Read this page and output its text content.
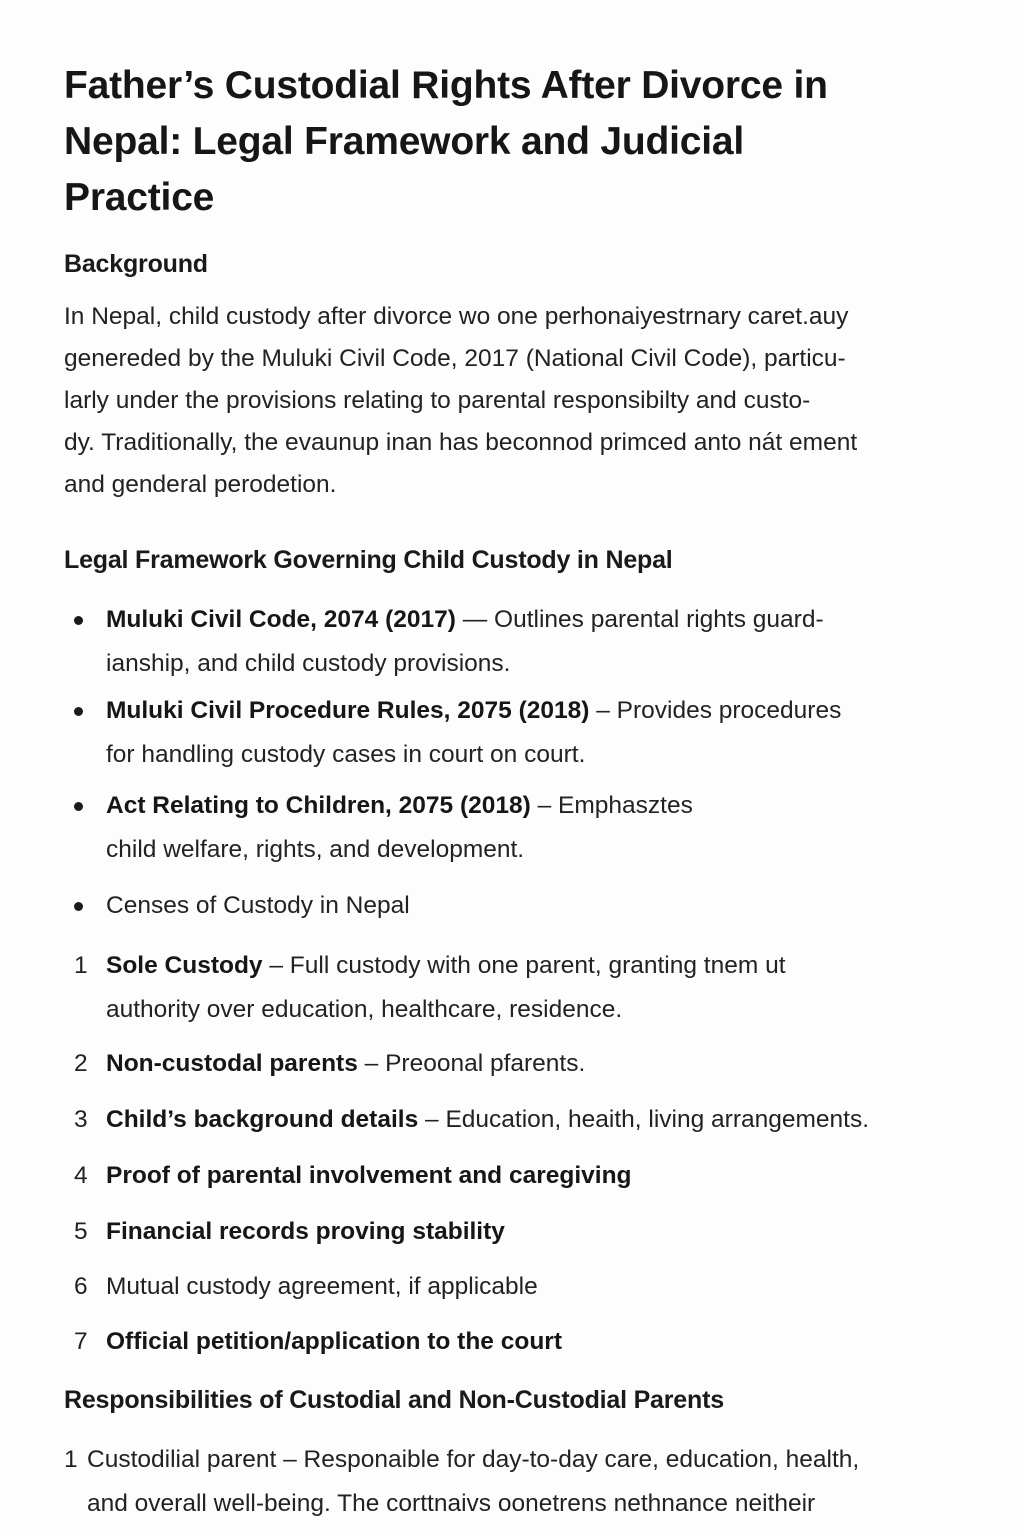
Father’s Custodial Rights After Divorce in Nepal: Legal Framework and Judicial Practice
Background

In Nepal, child custody after divorce wo one perhonaiyestrnary caret.auy
genereded by the Muluki Civil Code, 2017 (National Civil Code), particu-
larly under the provisions relating to parental responsibilty and custo-
dy. Traditionally, the evaunup inan has beconnod primced anto nát ement
and genderal perodetion.

Legal Framework Governing Child Custody in Nepal
Muluki Civil Code, 2074 (2017) — Outlines parental rights guard-
ianship, and child custody provisions.
Muluki Civil Procedure Rules, 2075 (2018) – Provides procedures
for handling custody cases in court on court.
Act Relating to Children, 2075 (2018) – Emphasztes
child welfare, rights, and development.
Censes of Custody in Nepal
1 Sole Custody – Full custody with one parent, granting tnem ut
authority over education, healthcare, residence.
2 Non-custodal parents – Preoonal pfarents.
3 Child’s background details – Education, heaith, living arrangements.
4 Proof of parental involvement and caregiving
5 Financial records proving stability
6 Mutual custody agreement, if applicable
7 Official petition/application to the court
Responsibilities of Custodial and Non-Custodial Parents
1 Custodilial parent – Responaible for day-to-day care, education, health,
and overall well-being. The corttnaivs oonetrens nethnance neitheir
